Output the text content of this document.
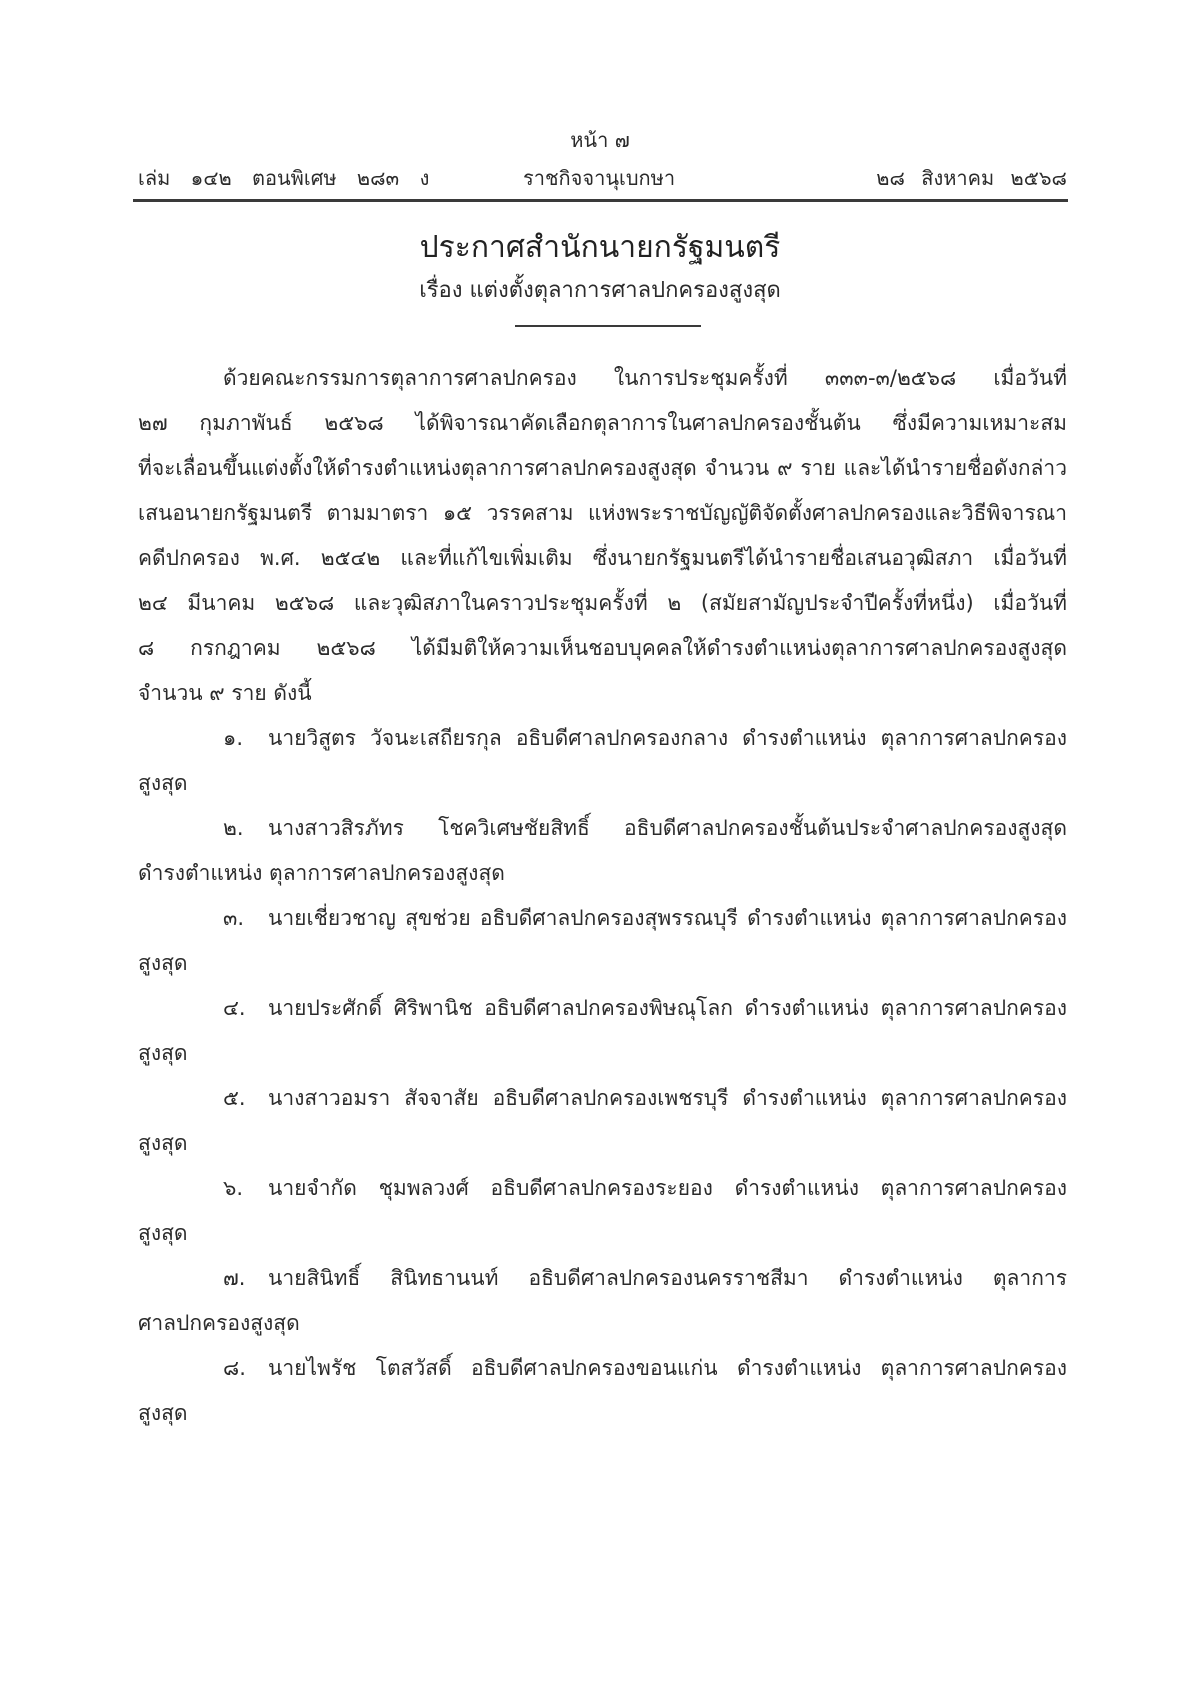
หน้า ๗
เล่ม ๑๔๒ ตอนพิเศษ ๒๘๓ ง	ราชกิจจานุเบกษา	๒๘ สิงหาคม ๒๕๖๘
ประกาศสำนักนายกรัฐมนตรี
เรื่อง แต่งตั้งตุลาการศาลปกครองสูงสุด
ด้วยคณะกรรมการตุลาการศาลปกครอง ในการประชุมครั้งที่ ๓๓๓-๓/๒๕๖๘ เมื่อวันที่
๒๗ กุมภาพันธ์ ๒๕๖๘ ได้พิจารณาคัดเลือกตุลาการในศาลปกครองชั้นต้น ซึ่งมีความเหมาะสม
ที่จะเลื่อนขึ้นแต่งตั้งให้ดำรงตำแหน่งตุลาการศาลปกครองสูงสุด จำนวน ๙ ราย และได้นำรายชื่อดังกล่าว
เสนอนายกรัฐมนตรี ตามมาตรา ๑๕ วรรคสาม แห่งพระราชบัญญัติจัดตั้งศาลปกครองและวิธีพิจารณา
คดีปกครอง พ.ศ. ๒๕๔๒ และที่แก้ไขเพิ่มเติม ซึ่งนายกรัฐมนตรีได้นำรายชื่อเสนอวุฒิสภา เมื่อวันที่
๒๔ มีนาคม ๒๕๖๘ และวุฒิสภาในคราวประชุมครั้งที่ ๒ (สมัยสามัญประจำปีครั้งที่หนึ่ง) เมื่อวันที่
๘ กรกฎาคม ๒๕๖๘ ได้มีมติให้ความเห็นชอบบุคคลให้ดำรงตำแหน่งตุลาการศาลปกครองสูงสุด
จำนวน ๙ ราย ดังนี้
๑. นายวิสูตร วัจนะเสถียรกุล อธิบดีศาลปกครองกลาง ดำรงตำแหน่ง ตุลาการศาลปกครอง
สูงสุด
๒. นางสาวสิรภัทร โชควิเศษชัยสิทธิ์ อธิบดีศาลปกครองชั้นต้นประจำศาลปกครองสูงสุด
ดำรงตำแหน่ง ตุลาการศาลปกครองสูงสุด
๓. นายเชี่ยวชาญ สุขช่วย อธิบดีศาลปกครองสุพรรณบุรี ดำรงตำแหน่ง ตุลาการศาลปกครอง
สูงสุด
๔. นายประศักดิ์ ศิริพานิช อธิบดีศาลปกครองพิษณุโลก ดำรงตำแหน่ง ตุลาการศาลปกครอง
สูงสุด
๕. นางสาวอมรา สัจจาสัย อธิบดีศาลปกครองเพชรบุรี ดำรงตำแหน่ง ตุลาการศาลปกครอง
สูงสุด
๖. นายจำกัด ชุมพลวงศ์ อธิบดีศาลปกครองระยอง ดำรงตำแหน่ง ตุลาการศาลปกครอง
สูงสุด
๗. นายสินิทธิ์ สินิทธานนท์ อธิบดีศาลปกครองนครราชสีมา ดำรงตำแหน่ง ตุลาการ
ศาลปกครองสูงสุด
๘. นายไพรัช โตสวัสดิ์ อธิบดีศาลปกครองขอนแก่น ดำรงตำแหน่ง ตุลาการศาลปกครอง
สูงสุด
